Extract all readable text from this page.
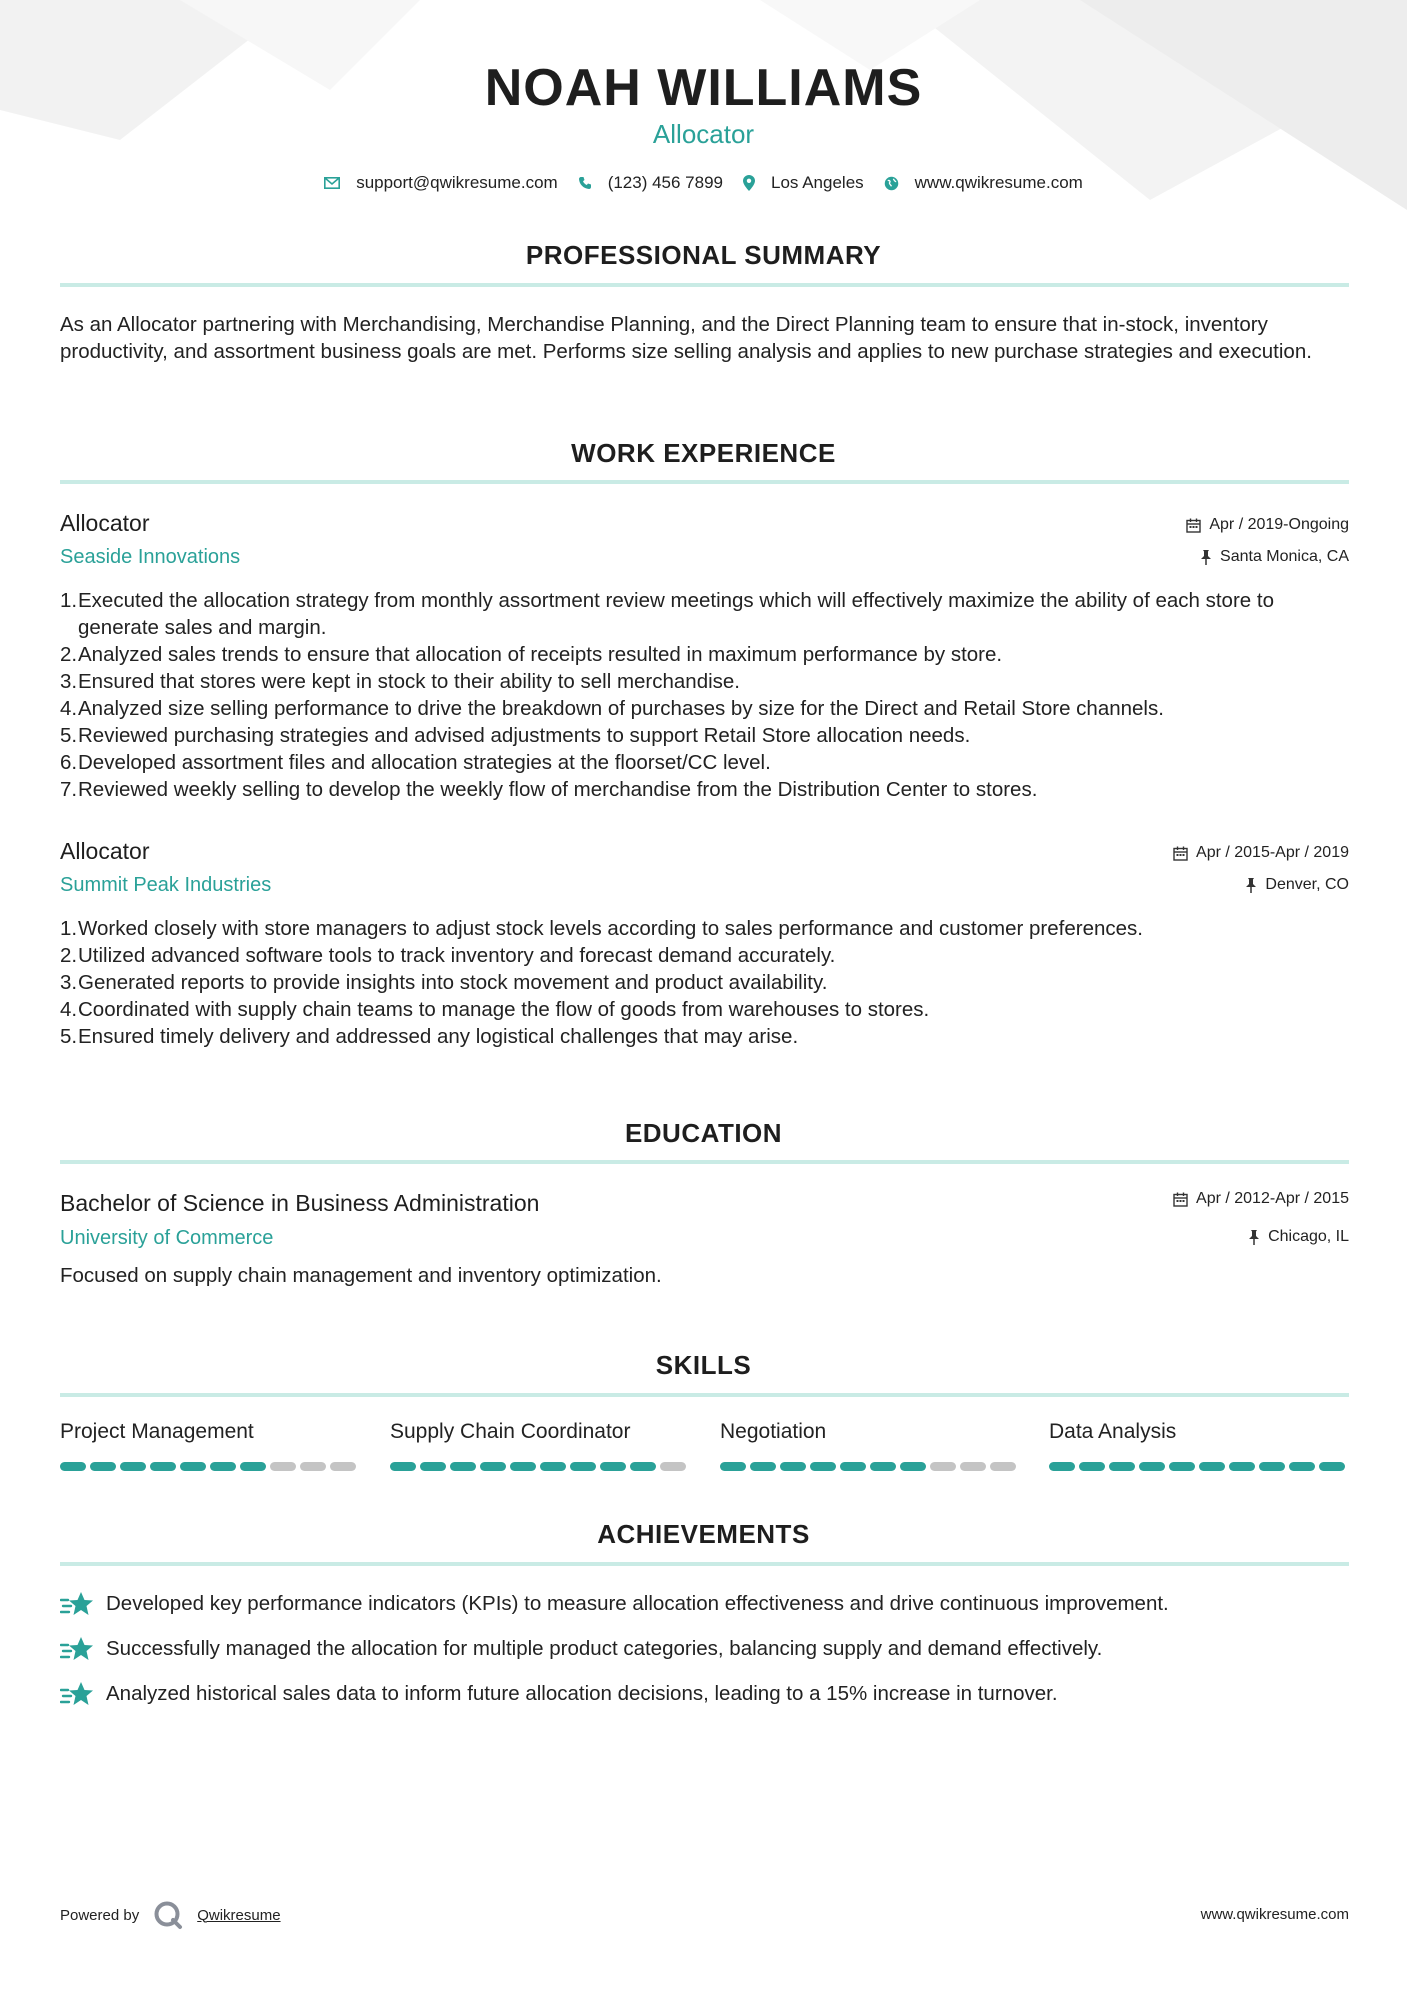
NOAH WILLIAMS
Allocator
support@qwikresume.com	(123) 456 7899	Los Angeles	www.qwikresume.com
PROFESSIONAL SUMMARY
As an Allocator partnering with Merchandising, Merchandise Planning, and the Direct Planning team to ensure that in-stock, inventory productivity, and assortment business goals are met. Performs size selling analysis and applies to new purchase strategies and execution.
WORK EXPERIENCE
Allocator	Apr / 2019-Ongoing
Seaside Innovations	Santa Monica, CA
1. Executed the allocation strategy from monthly assortment review meetings which will effectively maximize the ability of each store to generate sales and margin.
2. Analyzed sales trends to ensure that allocation of receipts resulted in maximum performance by store.
3. Ensured that stores were kept in stock to their ability to sell merchandise.
4. Analyzed size selling performance to drive the breakdown of purchases by size for the Direct and Retail Store channels.
5. Reviewed purchasing strategies and advised adjustments to support Retail Store allocation needs.
6. Developed assortment files and allocation strategies at the floorset/CC level.
7. Reviewed weekly selling to develop the weekly flow of merchandise from the Distribution Center to stores.
Allocator	Apr / 2015-Apr / 2019
Summit Peak Industries	Denver, CO
1. Worked closely with store managers to adjust stock levels according to sales performance and customer preferences.
2. Utilized advanced software tools to track inventory and forecast demand accurately.
3. Generated reports to provide insights into stock movement and product availability.
4. Coordinated with supply chain teams to manage the flow of goods from warehouses to stores.
5. Ensured timely delivery and addressed any logistical challenges that may arise.
EDUCATION
Bachelor of Science in Business Administration	Apr / 2012-Apr / 2015
University of Commerce	Chicago, IL
Focused on supply chain management and inventory optimization.
SKILLS
Project Management	Supply Chain Coordinator	Negotiation	Data Analysis
ACHIEVEMENTS
Developed key performance indicators (KPIs) to measure allocation effectiveness and drive continuous improvement.
Successfully managed the allocation for multiple product categories, balancing supply and demand effectively.
Analyzed historical sales data to inform future allocation decisions, leading to a 15% increase in turnover.
Powered by	Qwikresume	www.qwikresume.com
